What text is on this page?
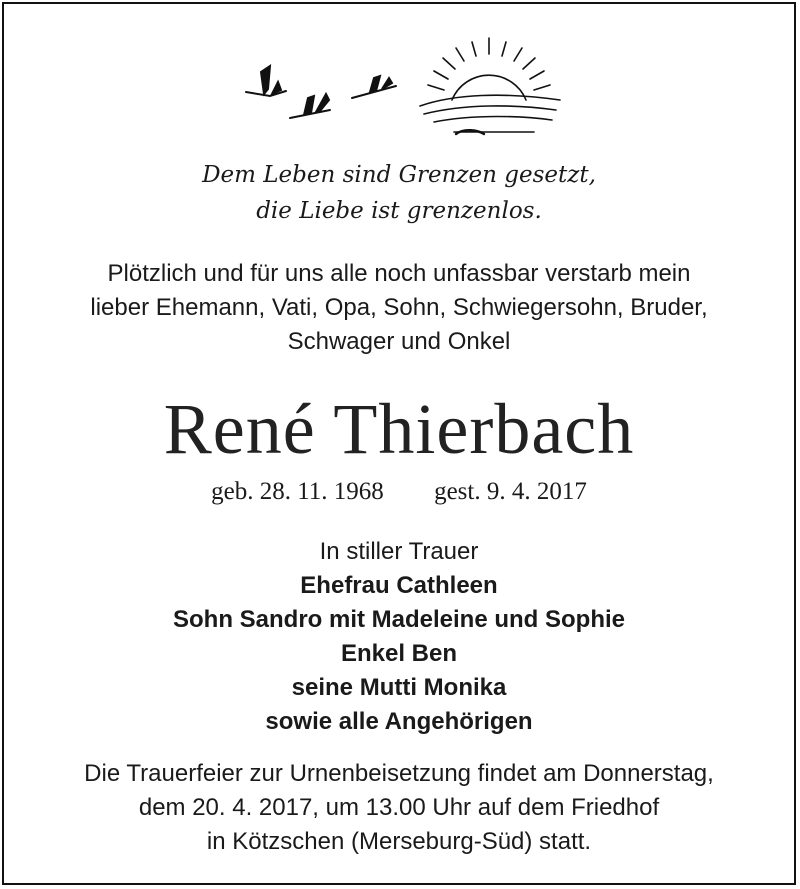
Dem Leben sind Grenzen gesetzt,
die Liebe ist grenzenlos.
Plötzlich und für uns alle noch unfassbar verstarb mein
lieber Ehemann, Vati, Opa, Sohn, Schwiegersohn, Bruder,
Schwager und Onkel
René Thierbach
geb. 28. 11. 1968 gest. 9. 4. 2017
In stiller Trauer
Ehefrau Cathleen
Sohn Sandro mit Madeleine und Sophie
Enkel Ben
seine Mutti Monika
sowie alle Angehörigen
Die Trauerfeier zur Urnenbeisetzung findet am Donnerstag,
dem 20. 4. 2017, um 13.00 Uhr auf dem Friedhof
in Kötzschen (Merseburg-Süd) statt.
